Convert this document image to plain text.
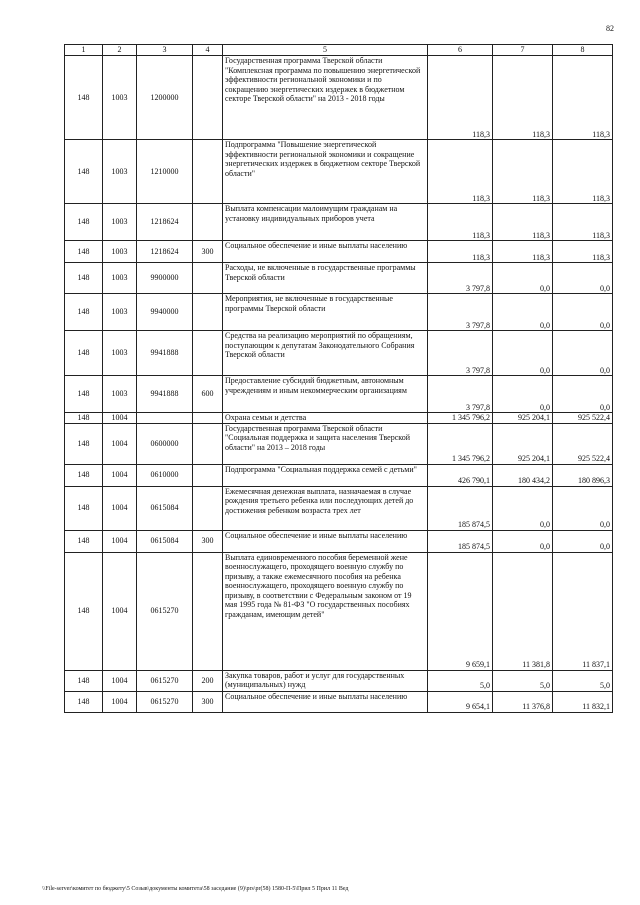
82
1	2	3	4	5	6	7	8
148	1003	1200000		Государственная программа Тверской области "Комплексная программа по повышению энергетической эффективности региональной экономики и по сокращению энергетических издержек в бюджетном секторе Тверской области" на 2013 - 2018 годы	118,3	118,3	118,3
148	1003	1210000		Подпрограмма "Повышение энергетической эффективности региональной экономики и сокращение энергетических издержек в бюджетном секторе Тверской области"	118,3	118,3	118,3
148	1003	1218624		Выплата компенсации малоимущим гражданам на установку индивидуальных приборов учета	118,3	118,3	118,3
148	1003	1218624	300	Социальное обеспечение и иные выплаты населению	118,3	118,3	118,3
148	1003	9900000		Расходы, не включенные в государственные программы Тверской области	3 797,8	0,0	0,0
148	1003	9940000		Мероприятия, не включенные в государственные программы Тверской области	3 797,8	0,0	0,0
148	1003	9941888		Средства на реализацию мероприятий по обращениям, поступающим к депутатам Законодательного Собрания Тверской области	3 797,8	0,0	0,0
148	1003	9941888	600	Предоставление субсидий бюджетным, автономным учреждениям и иным некоммерческим организациям	3 797,8	0,0	0,0
148	1004			Охрана семьи и детства	1 345 796,2	925 204,1	925 522,4
148	1004	0600000		Государственная программа Тверской области "Социальная поддержка и защита населения Тверской области" на 2013 – 2018 годы	1 345 796,2	925 204,1	925 522,4
148	1004	0610000		Подпрограмма "Социальная поддержка семей с детьми"	426 790,1	180 434,2	180 896,3
148	1004	0615084		Ежемесячная денежная выплата, назначаемая в случае рождения третьего ребенка или последующих детей до достижения ребенком возраста трех лет	185 874,5	0,0	0,0
148	1004	0615084	300	Социальное обеспечение и иные выплаты населению	185 874,5	0,0	0,0
148	1004	0615270		Выплата единовременного пособия беременной жене военнослужащего, проходящего военную службу по призыву, а также ежемесячного пособия на ребенка военнослужащего, проходящего военную службу по призыву, в соответствии с Федеральным законом от 19 мая 1995 года № 81-ФЗ "О государственных пособиях гражданам, имеющим детей"	9 659,1	11 381,8	11 837,1
148	1004	0615270	200	Закупка товаров, работ и услуг для государственных (муниципальных) нужд	5,0	5,0	5,0
148	1004	0615270	300	Социальное обеспечение и иные выплаты населению	9 654,1	11 376,8	11 832,1
\\File-server\комитет по бюджету\5 Созыв\документы комитета\58 заседание (9)\prs\pr(58) 1580-П-5\Прил 5 Прил 11 Вед
